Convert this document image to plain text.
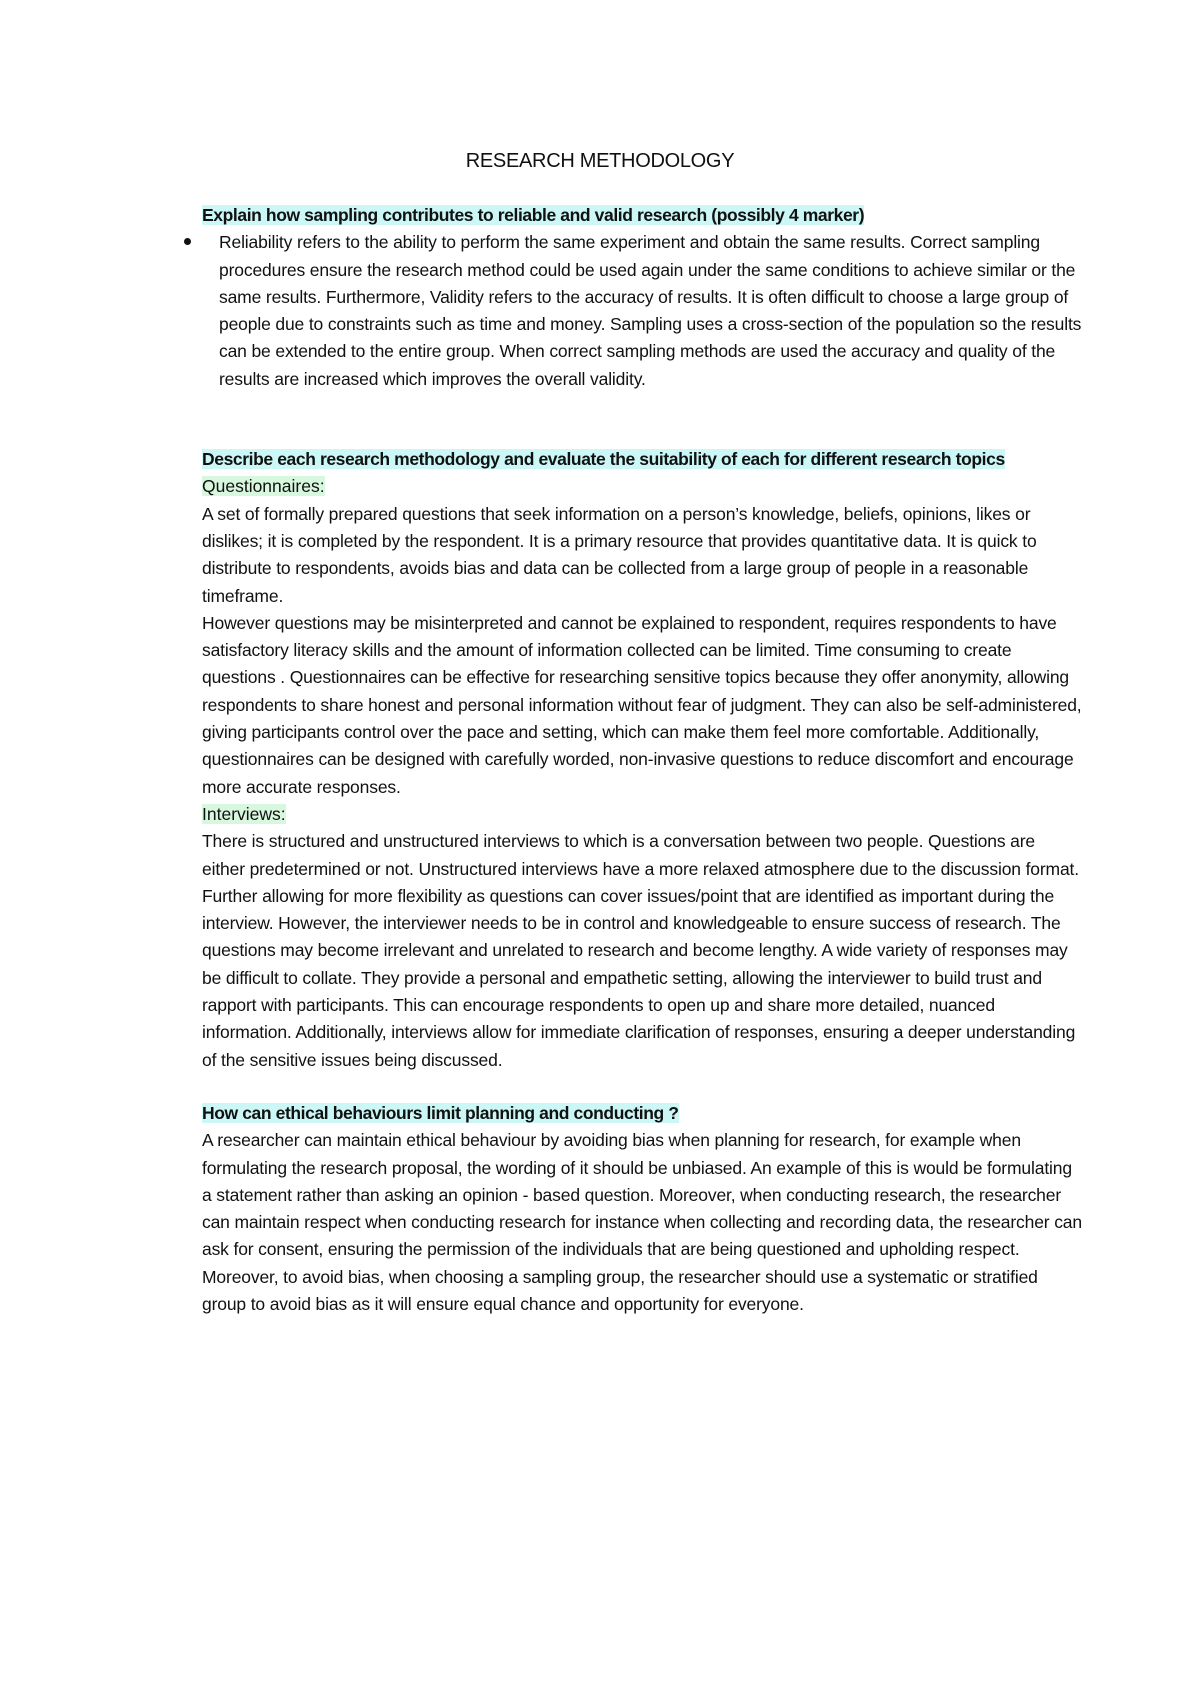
RESEARCH METHODOLOGY

Explain how sampling contributes to reliable and valid research (possibly 4 marker)

Reliability refers to the ability to perform the same experiment and obtain the same results. Correct sampling procedures ensure the research method could be used again under the same conditions to achieve similar or the same results. Furthermore, Validity refers to the accuracy of results. It is often difficult to choose a large group of people due to constraints such as time and money. Sampling uses a cross-section of the population so the results can be extended to the entire group. When correct sampling methods are used the accuracy and quality of the results are increased which improves the overall validity.

Describe each research methodology and evaluate the suitability of each for different research topics

Questionnaires:

A set of formally prepared questions that seek information on a person’s knowledge, beliefs, opinions, likes or dislikes; it is completed by the respondent. It is a primary resource that provides quantitative data. It is quick to distribute to respondents, avoids bias and data can be collected from a large group of people in a reasonable timeframe.

However questions may be misinterpreted and cannot be explained to respondent, requires respondents to have satisfactory literacy skills and the amount of information collected can be limited. Time consuming to create questions . Questionnaires can be effective for researching sensitive topics because they offer anonymity, allowing respondents to share honest and personal information without fear of judgment. They can also be self-administered, giving participants control over the pace and setting, which can make them feel more comfortable. Additionally, questionnaires can be designed with carefully worded, non-invasive questions to reduce discomfort and encourage more accurate responses.

Interviews:

There is structured and unstructured interviews to which is a conversation between two people. Questions are either predetermined or not. Unstructured interviews have a more relaxed atmosphere due to the discussion format. Further allowing for more flexibility as questions can cover issues/point that are identified as important during the interview. However, the interviewer needs to be in control and knowledgeable to ensure success of research. The questions may become irrelevant and unrelated to research and become lengthy. A wide variety of responses may be difficult to collate. They provide a personal and empathetic setting, allowing the interviewer to build trust and rapport with participants. This can encourage respondents to open up and share more detailed, nuanced information. Additionally, interviews allow for immediate clarification of responses, ensuring a deeper understanding of the sensitive issues being discussed.

How can ethical behaviours limit planning and conducting ?

A researcher can maintain ethical behaviour by avoiding bias when planning for research, for example when formulating the research proposal, the wording of it should be unbiased. An example of this is would be formulating a statement rather than asking an opinion - based question. Moreover, when conducting research, the researcher can maintain respect when conducting research for instance when collecting and recording data, the researcher can ask for consent, ensuring the permission of the individuals that are being questioned and upholding respect. Moreover, to avoid bias, when choosing a sampling group, the researcher should use a systematic or stratified group to avoid bias as it will ensure equal chance and opportunity for everyone.
